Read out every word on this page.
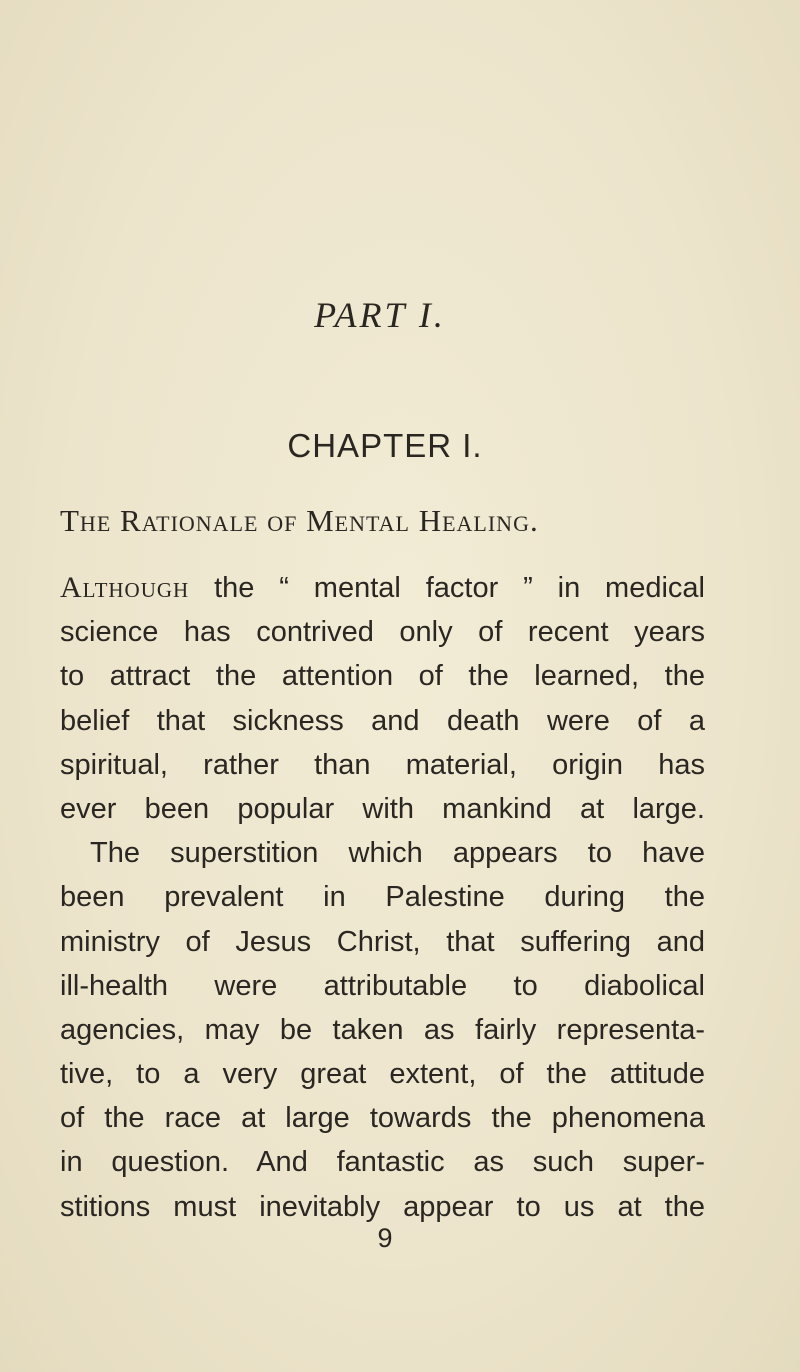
PART I.
CHAPTER I.
The Rationale of Mental Healing.
Although the “ mental factor ” in medical
science has contrived only of recent years
to attract the attention of the learned, the
belief that sickness and death were of a
spiritual, rather than material, origin has
ever been popular with mankind at large.
The superstition which appears to have
been prevalent in Palestine during the
ministry of Jesus Christ, that suffering and
ill-health were attributable to diabolical
agencies, may be taken as fairly representa-
tive, to a very great extent, of the attitude
of the race at large towards the phenomena
in question. And fantastic as such super-
stitions must inevitably appear to us at the
9
